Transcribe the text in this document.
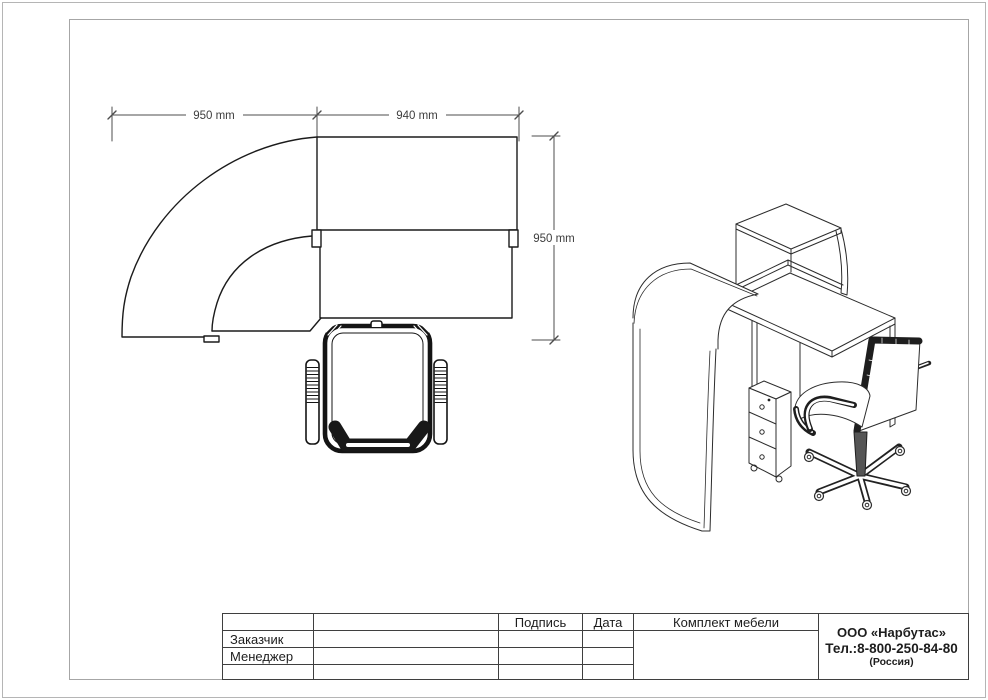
950 mm	940 mm
950 mm
Подпись	Дата	Комплект мебели
ООО «Нарбутас»
Тел.:8-800-250-84-80
(Россия)
Заказчик
Менеджер
